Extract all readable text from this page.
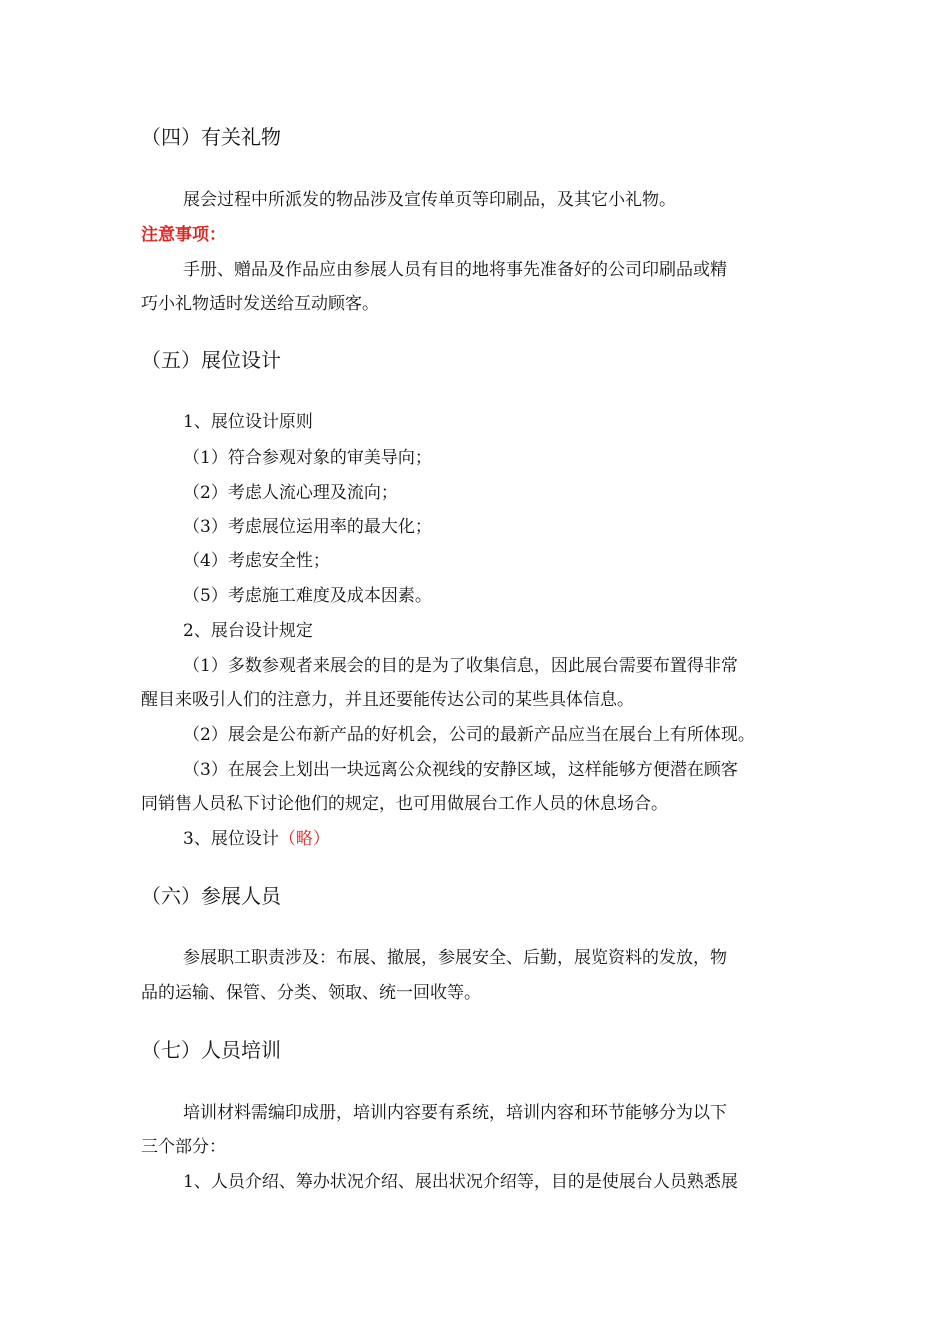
（四）有关礼物
展会过程中所派发的物品涉及宣传单页等印刷品，及其它小礼物。
注意事项：
手册、赠品及作品应由参展人员有目的地将事先准备好的公司印刷品或精
巧小礼物适时发送给互动顾客。
（五）展位设计
1、展位设计原则
（1）符合参观对象的审美导向；
（2）考虑人流心理及流向；
（3）考虑展位运用率的最大化；
（4）考虑安全性；
（5）考虑施工难度及成本因素。
2、展台设计规定
（1）多数参观者来展会的目的是为了收集信息，因此展台需要布置得非常
醒目来吸引人们的注意力，并且还要能传达公司的某些具体信息。
（2）展会是公布新产品的好机会，公司的最新产品应当在展台上有所体现。
（3）在展会上划出一块远离公众视线的安静区域，这样能够方便潜在顾客
同销售人员私下讨论他们的规定，也可用做展台工作人员的休息场合。
3、展位设计（略）
（六）参展人员
参展职工职责涉及：布展、撤展，参展安全、后勤，展览资料的发放，物
品的运输、保管、分类、领取、统一回收等。
（七）人员培训
培训材料需编印成册，培训内容要有系统，培训内容和环节能够分为以下
三个部分：
1、人员介绍、筹办状况介绍、展出状况介绍等，目的是使展台人员熟悉展
